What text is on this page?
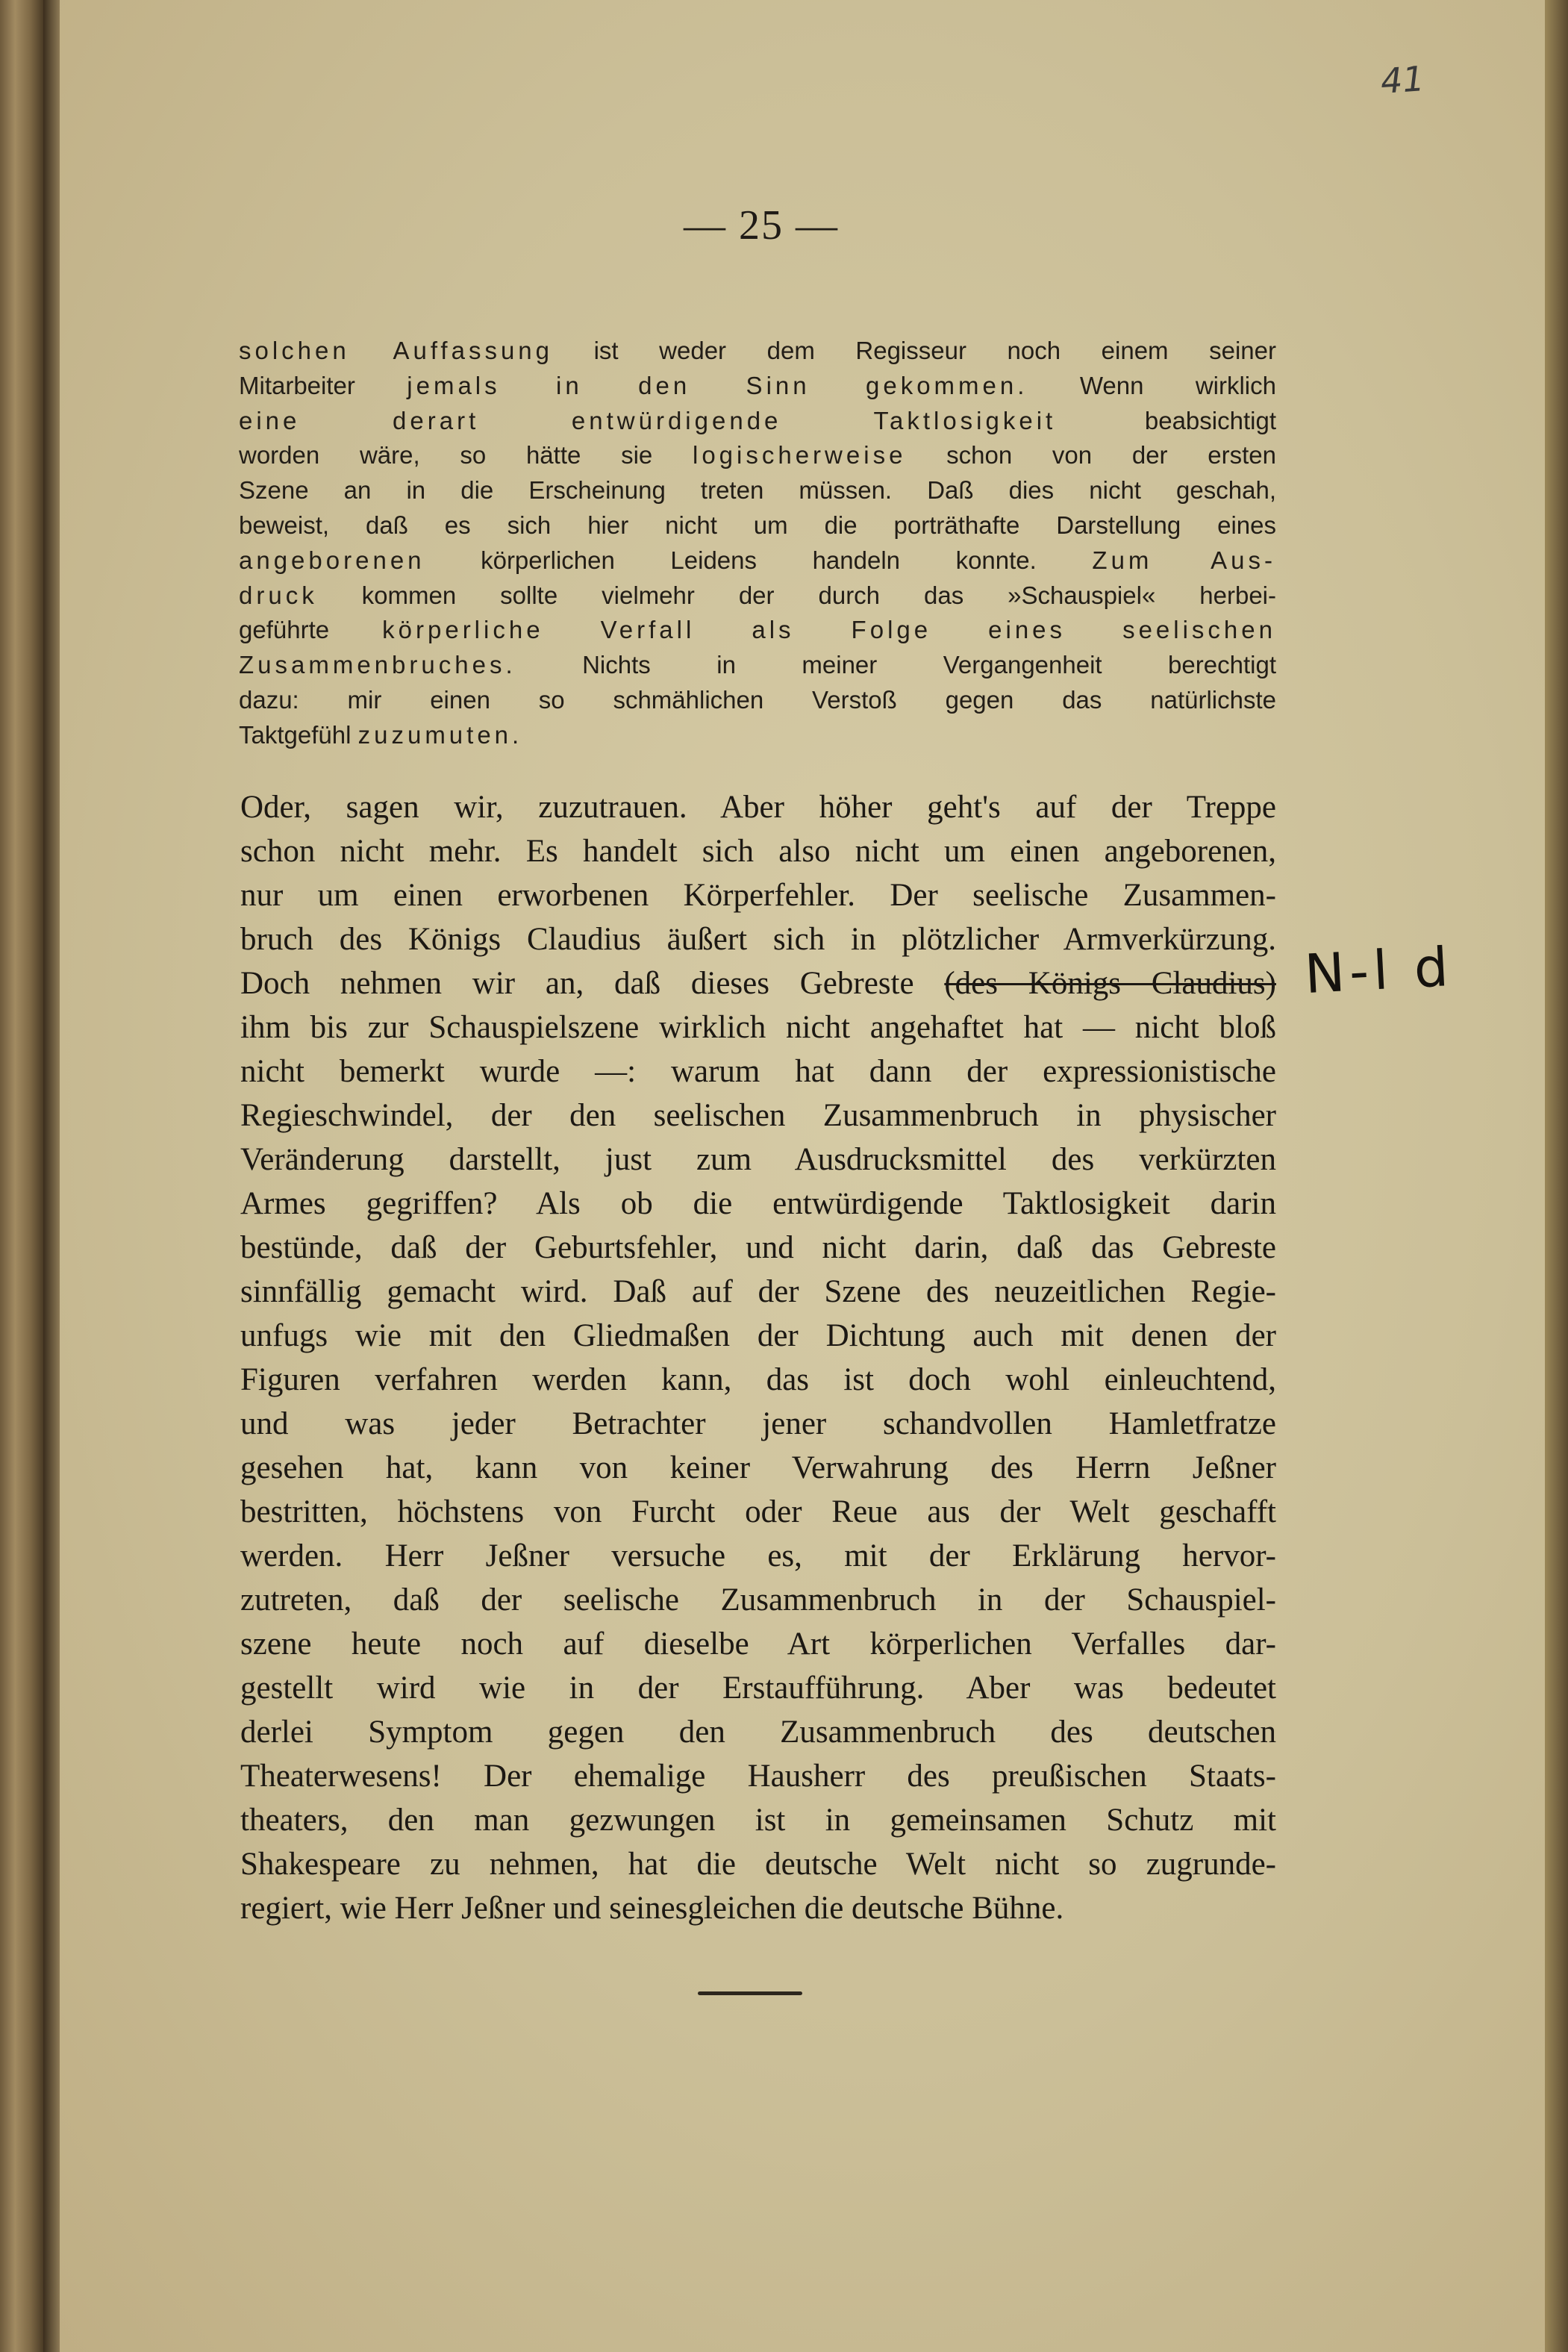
41
— 25 —
solchen Auffassung ist weder dem Regisseur noch einem seiner
Mitarbeiter jemals in den Sinn gekommen. Wenn wirklich
eine derart entwürdigende Taktlosigkeit beabsichtigt
worden wäre, so hätte sie logischerweise schon von der ersten
Szene an in die Erscheinung treten müssen. Daß dies nicht geschah,
beweist, daß es sich hier nicht um die porträthafte Darstellung eines
angeborenen körperlichen Leidens handeln konnte. Zum Aus-
druck kommen sollte vielmehr der durch das »Schauspiel« herbei-
geführte körperliche Verfall als Folge eines seelischen
Zusammenbruches. Nichts in meiner Vergangenheit berechtigt
dazu: mir einen so schmählichen Verstoß gegen das natürlichste
Taktgefühl zuzumuten.
Oder, sagen wir, zuzutrauen. Aber höher geht's auf der Treppe
schon nicht mehr. Es handelt sich also nicht um einen angeborenen,
nur um einen erworbenen Körperfehler. Der seelische Zusammen-
bruch des Königs Claudius äußert sich in plötzlicher Armverkürzung.
Doch nehmen wir an, daß dieses Gebreste (des Königs Claudius)
ihm bis zur Schauspielszene wirklich nicht angehaftet hat — nicht bloß
nicht bemerkt wurde —: warum hat dann der expressionistische
Regieschwindel, der den seelischen Zusammenbruch in physischer
Veränderung darstellt, just zum Ausdrucksmittel des verkürzten
Armes gegriffen? Als ob die entwürdigende Taktlosigkeit darin
bestünde, daß der Geburtsfehler, und nicht darin, daß das Gebreste
sinnfällig gemacht wird. Daß auf der Szene des neuzeitlichen Regie-
unfugs wie mit den Gliedmaßen der Dichtung auch mit denen der
Figuren verfahren werden kann, das ist doch wohl einleuchtend,
und was jeder Betrachter jener schandvollen Hamletfratze
gesehen hat, kann von keiner Verwahrung des Herrn Jeßner
bestritten, höchstens von Furcht oder Reue aus der Welt geschafft
werden. Herr Jeßner versuche es, mit der Erklärung hervor-
zutreten, daß der seelische Zusammenbruch in der Schauspiel-
szene heute noch auf dieselbe Art körperlichen Verfalles dar-
gestellt wird wie in der Erstaufführung. Aber was bedeutet
derlei Symptom gegen den Zusammenbruch des deutschen
Theaterwesens! Der ehemalige Hausherr des preußischen Staats-
theaters, den man gezwungen ist in gemeinsamen Schutz mit
Shakespeare zu nehmen, hat die deutsche Welt nicht so zugrunde-
regiert, wie Herr Jeßner und seinesgleichen die deutsche Bühne.
N-l d
